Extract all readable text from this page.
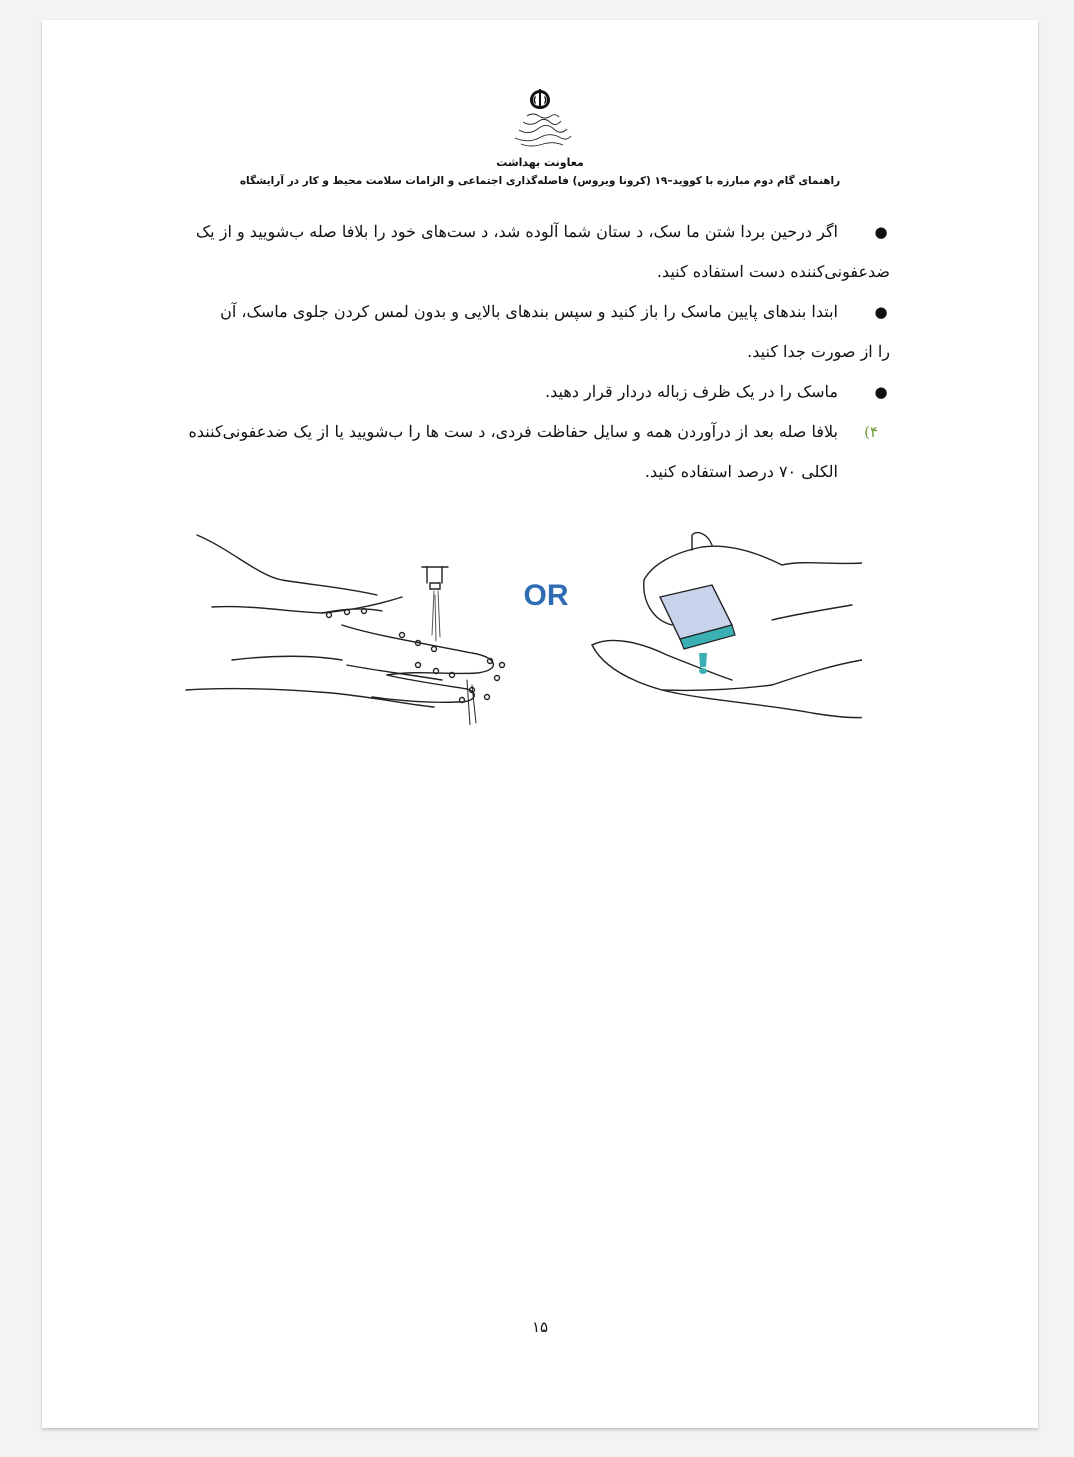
معاونت بهداشت
راهنمای گام دوم مبارزه با کووید–۱۹ (کرونا ویروس) فاصله‌گذاری اجتماعی و الزامات سلامت محیط و کار در آرایشگاه
●
اگر درحین بردا شتن ما سک، د ستان شما آلوده شد، د ست‌های خود را بلافا صله ب‌شویید و از یک
ضدعفونی‌کننده دست استفاده کنید.
●
ابتدا بندهای پایین ماسک را باز کنید و سپس بندهای بالایی و بدون لمس کردن جلوی ماسک، آن
را از صورت جدا کنید.
●
ماسک را در یک ظرف زباله دردار قرار دهید.
۴)
بلافا صله بعد از درآوردن همه و سایل حفاظت فردی، د ست ها را ب‌شویید یا از یک ضدعفونی‌کننده
الکلی ۷۰ درصد استفاده کنید.
OR
۱۵
